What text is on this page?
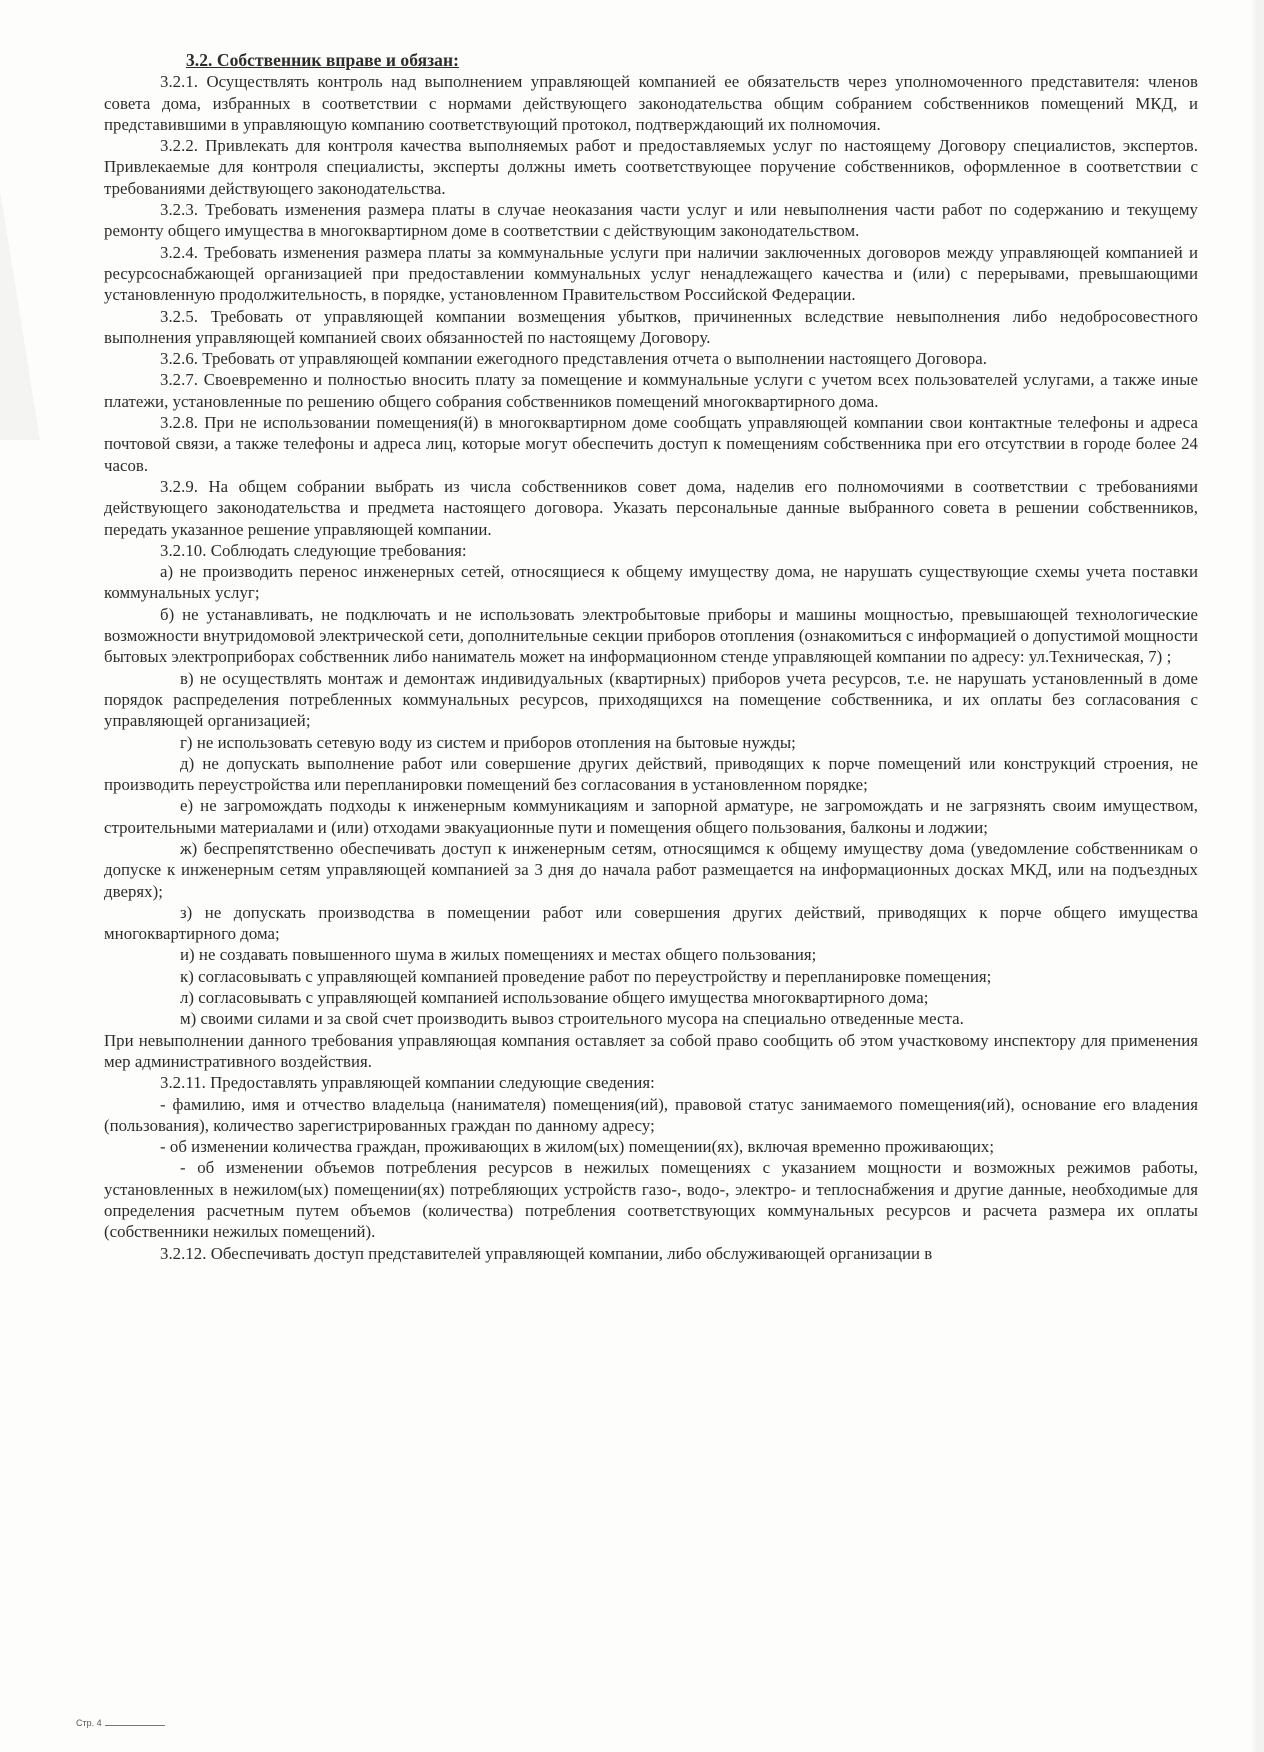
3.2. Собственник вправе и обязан:

3.2.1. Осуществлять контроль над выполнением управляющей компанией ее обязательств через уполномоченного представителя: членов совета дома, избранных в соответствии с нормами действующего законодательства общим собранием собственников помещений МКД, и представившими в управляющую компанию соответствующий протокол, подтверждающий их полномочия.

3.2.2. Привлекать для контроля качества выполняемых работ и предоставляемых услуг по настоящему Договору специалистов, экспертов. Привлекаемые для контроля специалисты, эксперты должны иметь соответствующее поручение собственников, оформленное в соответствии с требованиями действующего законодательства.

3.2.3. Требовать изменения размера платы в случае неоказания части услуг и или невыполнения части работ по содержанию и текущему ремонту общего имущества в многоквартирном доме в соответствии с действующим законодательством.

3.2.4. Требовать изменения размера платы за коммунальные услуги при наличии заключенных договоров между управляющей компанией и ресурсоснабжающей организацией при предоставлении коммунальных услуг ненадлежащего качества и (или) с перерывами, превышающими установленную продолжительность, в порядке, установленном Правительством Российской Федерации.

3.2.5. Требовать от управляющей компании возмещения убытков, причиненных вследствие невыполнения либо недобросовестного выполнения управляющей компанией своих обязанностей по настоящему Договору.

3.2.6. Требовать от управляющей компании ежегодного представления отчета о выполнении настоящего Договора.

3.2.7. Своевременно и полностью вносить плату за помещение и коммунальные услуги с учетом всех пользователей услугами, а также иные платежи, установленные по решению общего собрания собственников помещений многоквартирного дома.

3.2.8. При не использовании помещения(й) в многоквартирном доме сообщать управляющей компании свои контактные телефоны и адреса почтовой связи, а также телефоны и адреса лиц, которые могут обеспечить доступ к помещениям собственника при его отсутствии в городе более 24 часов.

3.2.9. На общем собрании выбрать из числа собственников совет дома, наделив его полномочиями в соответствии с требованиями действующего законодательства и предмета настоящего договора. Указать персональные данные выбранного совета в решении собственников, передать указанное решение управляющей компании.

3.2.10. Соблюдать следующие требования:

а) не производить перенос инженерных сетей, относящиеся к общему имуществу дома, не нарушать существующие схемы учета поставки коммунальных услуг;

б) не устанавливать, не подключать и не использовать электробытовые приборы и машины мощностью, превышающей технологические возможности внутридомовой электрической сети, дополнительные секции приборов отопления (ознакомиться с информацией о допустимой мощности бытовых электроприборах собственник либо наниматель может на информационном стенде управляющей компании по адресу: ул.Техническая, 7) ;

в) не осуществлять монтаж и демонтаж индивидуальных (квартирных) приборов учета ресурсов, т.е. не нарушать установленный в доме порядок распределения потребленных коммунальных ресурсов, приходящихся на помещение собственника, и их оплаты без согласования с управляющей организацией;

г) не использовать сетевую воду из систем и приборов отопления на бытовые нужды;

д) не допускать выполнение работ или совершение других действий, приводящих к порче помещений или конструкций строения, не производить переустройства или перепланировки помещений без согласования в установленном порядке;

е) не загромождать подходы к инженерным коммуникациям и запорной арматуре, не загромождать и не загрязнять своим имуществом, строительными материалами и (или) отходами эвакуационные пути и помещения общего пользования, балконы и лоджии;

ж) беспрепятственно обеспечивать доступ к инженерным сетям, относящимся к общему имуществу дома (уведомление собственникам о допуске к инженерным сетям управляющей компанией за 3 дня до начала работ размещается на информационных досках МКД, или на подъездных дверях);

з) не допускать производства в помещении работ или совершения других действий, приводящих к порче общего имущества многоквартирного дома;

и) не создавать повышенного шума в жилых помещениях и местах общего пользования;

к) согласовывать с управляющей компанией проведение работ по переустройству и перепланировке помещения;

л) согласовывать с управляющей компанией использование общего имущества многоквартирного дома;

м) своими силами и за свой счет производить вывоз строительного мусора на специально отведенные места.

При невыполнении данного требования управляющая компания оставляет за собой право сообщить об этом участковому инспектору для применения мер административного воздействия.

3.2.11. Предоставлять управляющей компании следующие сведения:

- фамилию, имя и отчество владельца (нанимателя) помещения(ий), правовой статус занимаемого помещения(ий), основание его владения (пользования), количество зарегистрированных граждан по данному адресу;

- об изменении количества граждан, проживающих в жилом(ых) помещении(ях), включая временно проживающих;

- об изменении объемов потребления ресурсов в нежилых помещениях с указанием мощности и возможных режимов работы, установленных в нежилом(ых) помещении(ях) потребляющих устройств газо-, водо-, электро- и теплоснабжения и другие данные, необходимые для определения расчетным путем объемов (количества) потребления соответствующих коммунальных ресурсов и расчета размера их оплаты (собственники нежилых помещений).

3.2.12. Обеспечивать доступ представителей управляющей компании, либо обслуживающей организации в

Стр. 4
